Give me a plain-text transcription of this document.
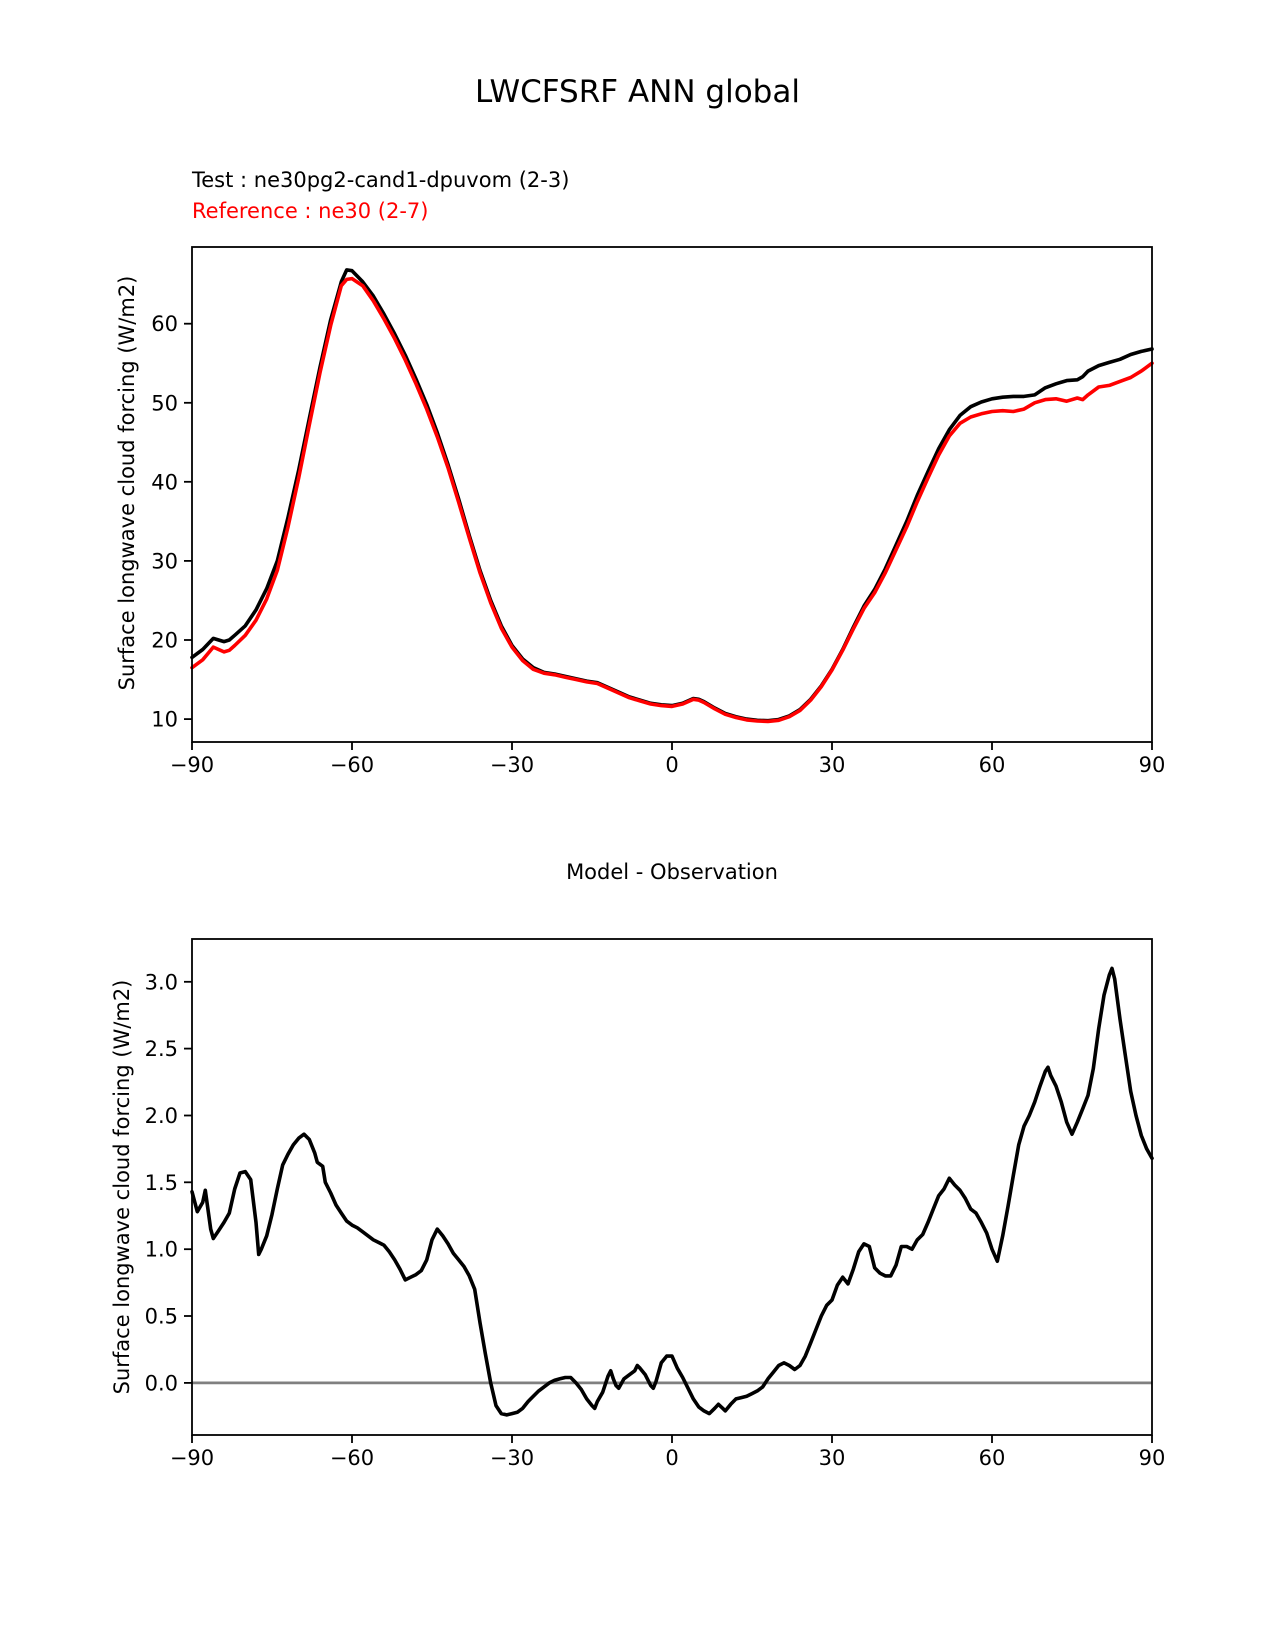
LWCFSRF ANN global
Test : ne30pg2-cand1-dpuvom (2-3)
Reference : ne30 (2-7)
Surface longwave cloud forcing (W/m2)
Model - Observation
Surface longwave cloud forcing (W/m2)
−90	−60	−30	0	30	60	90
10
20
30
40
50
60
−90	−60	−30	0	30	60	90
0.0
0.5
1.0
1.5
2.0
2.5
3.0
